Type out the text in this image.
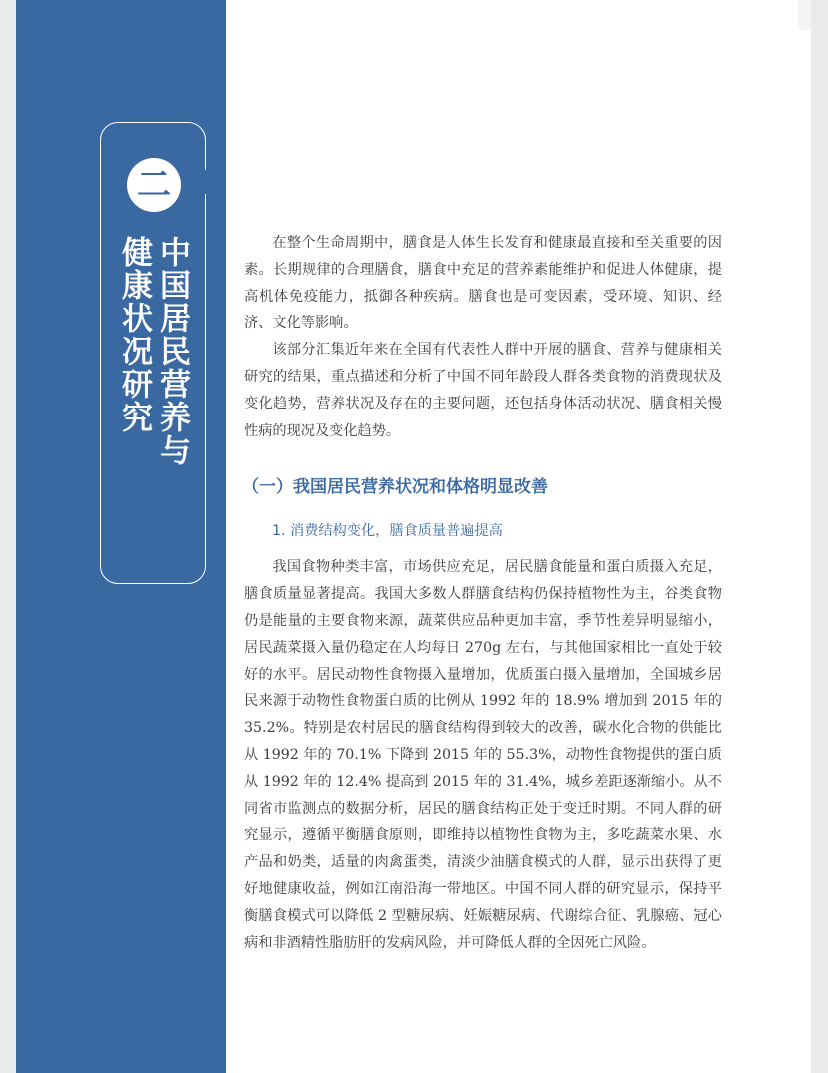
二
中国居民营养与
健康状况研究	在整个生命周期中，膳食是人体生长发育和健康最直接和至关重要的因素。长期规律的合理膳食，膳食中充足的营养素能维护和促进人体健康，提高机体免疫能力，抵御各种疾病。膳食也是可变因素，受环境、知识、经济、文化等影响。

该部分汇集近年来在全国有代表性人群中开展的膳食、营养与健康相关研究的结果，重点描述和分析了中国不同年龄段人群各类食物的消费现状及变化趋势，营养状况及存在的主要问题，还包括身体活动状况、膳食相关慢性病的现况及变化趋势。

（一）我国居民营养状况和体格明显改善
1. 消费结构变化，膳食质量普遍提高

我国食物种类丰富，市场供应充足，居民膳食能量和蛋白质摄入充足，膳食质量显著提高。我国大多数人群膳食结构仍保持植物性为主，谷类食物仍是能量的主要食物来源，蔬菜供应品种更加丰富，季节性差异明显缩小，居民蔬菜摄入量仍稳定在人均每日 270g 左右，与其他国家相比一直处于较好的水平。居民动物性食物摄入量增加，优质蛋白摄入量增加，全国城乡居民来源于动物性食物蛋白质的比例从 1992 年的 18.9% 增加到 2015 年的 35.2%。特别是农村居民的膳食结构得到较大的改善，碳水化合物的供能比从 1992 年的 70.1% 下降到 2015 年的 55.3%，动物性食物提供的蛋白质从 1992 年的 12.4% 提高到 2015 年的 31.4%，城乡差距逐渐缩小。从不同省市监测点的数据分析，居民的膳食结构正处于变迁时期。不同人群的研究显示，遵循平衡膳食原则，即维持以植物性食物为主，多吃蔬菜水果、水产品和奶类，适量的肉禽蛋类，清淡少油膳食模式的人群，显示出获得了更好地健康收益，例如江南沿海一带地区。中国不同人群的研究显示，保持平衡膳食模式可以降低 2 型糖尿病、妊娠糖尿病、代谢综合征、乳腺癌、冠心病和非酒精性脂肪肝的发病风险，并可降低人群的全因死亡风险。
